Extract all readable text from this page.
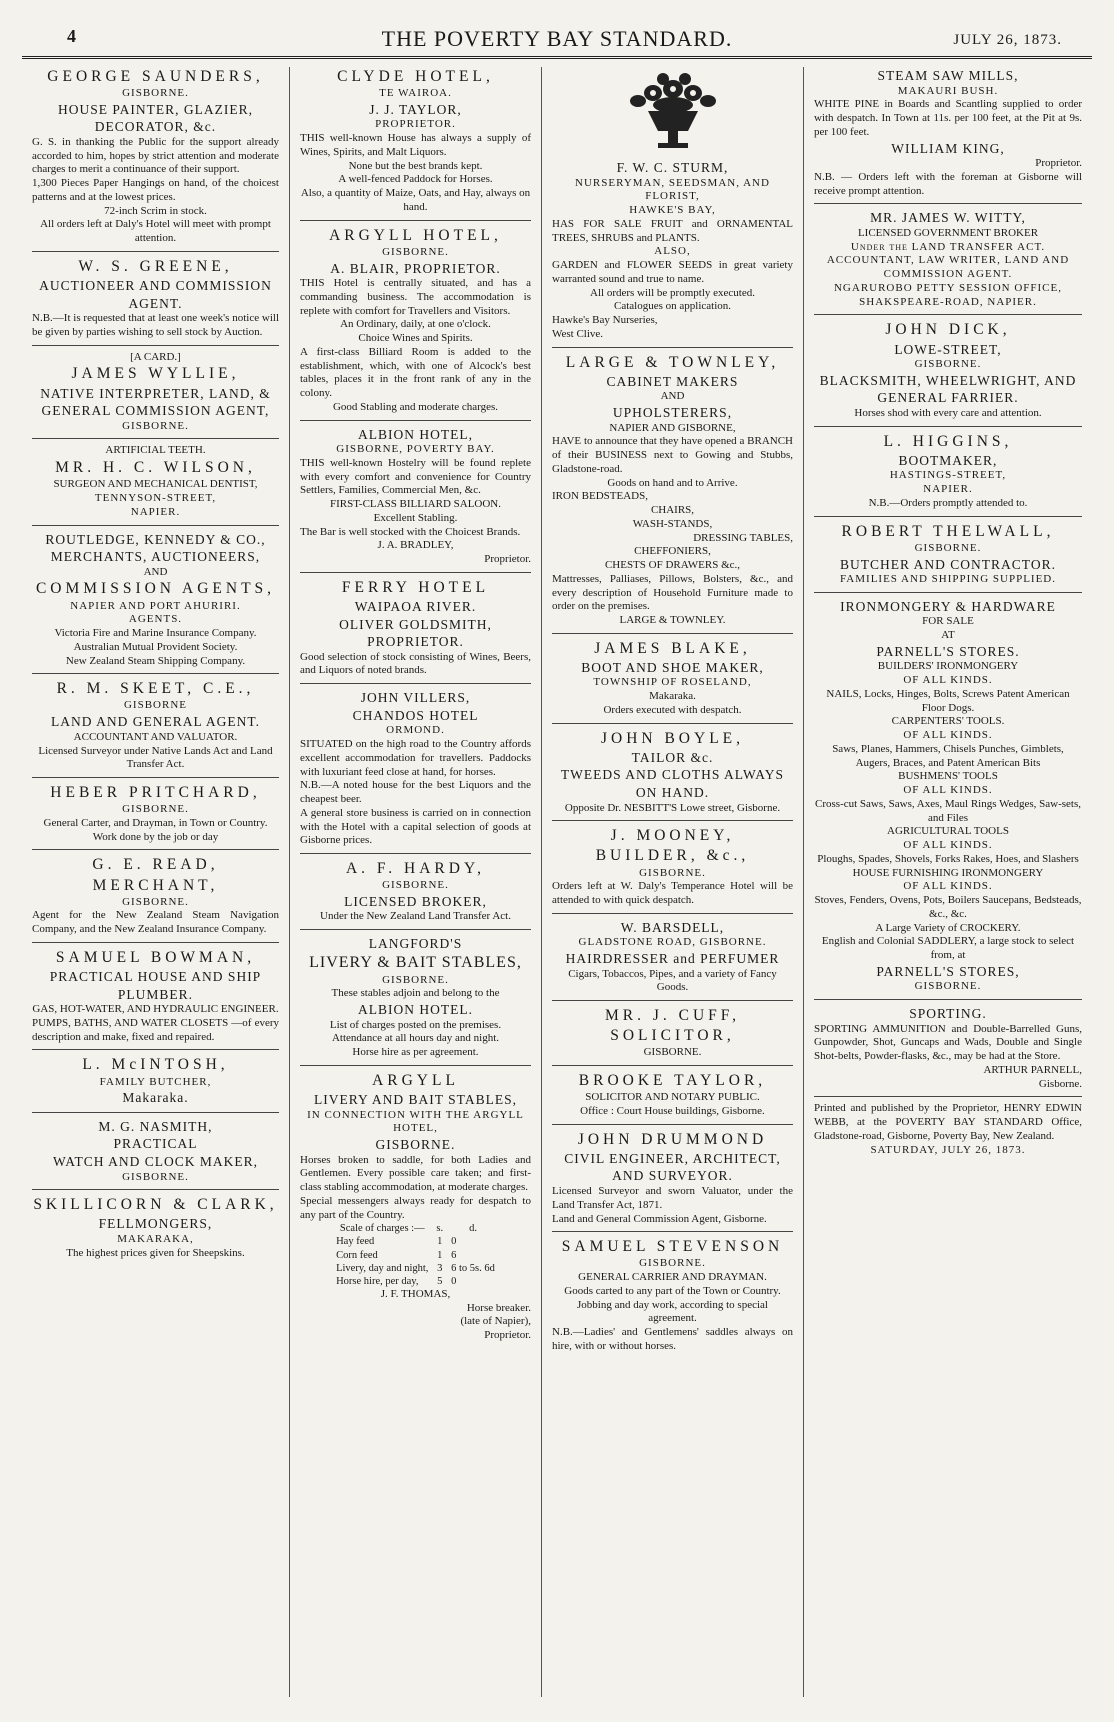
4	THE POVERTY BAY STANDARD.	JULY 26, 1873.
GEORGE SAUNDERS,
GISBORNE.
HOUSE PAINTER, GLAZIER, DECORATOR, &c.
G. S. in thanking the Public for the support already accorded to him, hopes by strict attention and moderate charges to merit a continuance of their support.
1,300 Pieces Paper Hangings on hand, of the choicest patterns and at the lowest prices.
72-inch Scrim in stock.
All orders left at Daly's Hotel will meet with prompt attention.
W. S. GREENE,
AUCTIONEER AND COMMISSION AGENT.
N.B.—It is requested that at least one week's notice will be given by parties wishing to sell stock by Auction.
[A CARD.]
JAMES WYLLIE,
NATIVE INTERPRETER, LAND, & GENERAL COMMISSION AGENT,
GISBORNE.
ARTIFICIAL TEETH.
MR. H. C. WILSON,
SURGEON AND MECHANICAL DENTIST,
TENNYSON-STREET,
NAPIER.
ROUTLEDGE, KENNEDY & CO.,
MERCHANTS, AUCTIONEERS,
AND
COMMISSION AGENTS,
NAPIER AND PORT AHURIRI.
AGENTS.
Victoria Fire and Marine Insurance Company.
Australian Mutual Provident Society.
New Zealand Steam Shipping Company.
R. M. SKEET, C.E.,
GISBORNE
LAND AND GENERAL AGENT.
ACCOUNTANT AND VALUATOR.
Licensed Surveyor under Native Lands Act and Land Transfer Act.
HEBER PRITCHARD,
GISBORNE.
General Carter, and Drayman, in Town or Country.
Work done by the job or day
G. E. READ,
MERCHANT,
GISBORNE.
Agent for the New Zealand Steam Navigation Company, and the New Zealand Insurance Company.
SAMUEL BOWMAN,
PRACTICAL HOUSE AND SHIP PLUMBER.
GAS, HOT-WATER, AND HYDRAULIC ENGINEER.
PUMPS, BATHS, AND WATER CLOSETS —of every description and make, fixed and repaired.
L. McINTOSH,
FAMILY BUTCHER,
Makaraka.
M. G. NASMITH,
PRACTICAL
WATCH AND CLOCK MAKER,
GISBORNE.
SKILLICORN & CLARK,
FELLMONGERS,
MAKARAKA,
The highest prices given for Sheepskins.
CLYDE HOTEL,
TE WAIROA.
J. J. TAYLOR,
PROPRIETOR.
THIS well-known House has always a supply of Wines, Spirits, and Malt Liquors.
None but the best brands kept.
A well-fenced Paddock for Horses.
Also, a quantity of Maize, Oats, and Hay, always on hand.
ARGYLL HOTEL,
GISBORNE.
A. BLAIR, PROPRIETOR.
THIS Hotel is centrally situated, and has a commanding business. The accommodation is replete with comfort for Travellers and Visitors.
An Ordinary, daily, at one o'clock.
Choice Wines and Spirits.
A first-class Billiard Room is added to the establishment, which, with one of Alcock's best tables, places it in the front rank of any in the colony.
Good Stabling and moderate charges.
ALBION HOTEL,
GISBORNE, POVERTY BAY.
THIS well-known Hostelry will be found replete with every comfort and convenience for Country Settlers, Families, Commercial Men, &c.
FIRST-CLASS BILLIARD SALOON.
Excellent Stabling.
The Bar is well stocked with the Choicest Brands.
J. A. BRADLEY,
Proprietor.
FERRY HOTEL
WAIPAOA RIVER.
OLIVER GOLDSMITH, PROPRIETOR.
Good selection of stock consisting of Wines, Beers, and Liquors of noted brands.
JOHN VILLERS,
CHANDOS HOTEL
ORMOND.
SITUATED on the high road to the Country affords excellent accommodation for travellers. Paddocks with luxuriant feed close at hand, for horses.
N.B.—A noted house for the best Liquors and the cheapest beer.
A general store business is carried on in connection with the Hotel with a capital selection of goods at Gisborne prices.
A. F. HARDY,
GISBORNE.
LICENSED BROKER,
Under the New Zealand Land Transfer Act.
LANGFORD'S
LIVERY & BAIT STABLES,
GISBORNE.
These stables adjoin and belong to the
ALBION HOTEL.
List of charges posted on the premises.
Attendance at all hours day and night.
Horse hire as per agreement.
ARGYLL
LIVERY AND BAIT STABLES,
IN CONNECTION WITH THE ARGYLL HOTEL,
GISBORNE.
Horses broken to saddle, for both Ladies and Gentlemen. Every possible care taken; and first-class stabling accommodation, at moderate charges.
Special messengers always ready for despatch to any part of the Country.
Scale of charges :—	s.	d.
Hay feed	1	0
Corn feed	1	6
Livery, day and night,	3	6 to 5s. 6d
Horse hire, per day,	5	0
J. F. THOMAS,
Horse breaker.
(late of Napier),
Proprietor.
F. W. C. STURM,
NURSERYMAN, SEEDSMAN, AND FLORIST,
HAWKE'S BAY,
HAS FOR SALE FRUIT and ORNAMENTAL TREES, SHRUBS and PLANTS.
ALSO,
GARDEN and FLOWER SEEDS in great variety warranted sound and true to name.
All orders will be promptly executed.
Catalogues on application.
Hawke's Bay Nurseries,
West Clive.
LARGE & TOWNLEY,
CABINET MAKERS
AND
UPHOLSTERERS,
NAPIER AND GISBORNE,
HAVE to announce that they have opened a BRANCH of their BUSINESS next to Gowing and Stubbs, Gladstone-road.
Goods on hand and to Arrive.
IRON BEDSTEADS,
CHAIRS,
WASH-STANDS,
DRESSING TABLES,
CHEFFONIERS,
CHESTS OF DRAWERS &c.,
Mattresses, Palliases, Pillows, Bolsters, &c., and every description of Household Furniture made to order on the premises.
LARGE & TOWNLEY.
JAMES BLAKE,
BOOT AND SHOE MAKER,
TOWNSHIP OF ROSELAND,
Makaraka.
Orders executed with despatch.
JOHN BOYLE,
TAILOR &c.
TWEEDS AND CLOTHS ALWAYS ON HAND.
Opposite Dr. NESBITT'S Lowe street, Gisborne.
J. MOONEY,
BUILDER, &c.,
GISBORNE.
Orders left at W. Daly's Temperance Hotel will be attended to with quick despatch.
W. BARSDELL,
GLADSTONE ROAD, GISBORNE.
HAIRDRESSER and PERFUMER
Cigars, Tobaccos, Pipes, and a variety of Fancy Goods.
MR. J. CUFF,
SOLICITOR,
GISBORNE.
BROOKE TAYLOR,
SOLICITOR AND NOTARY PUBLIC.
Office : Court House buildings, Gisborne.
JOHN DRUMMOND
CIVIL ENGINEER, ARCHITECT, AND SURVEYOR.
Licensed Surveyor and sworn Valuator, under the Land Transfer Act, 1871.
Land and General Commission Agent, Gisborne.
SAMUEL STEVENSON
GISBORNE.
GENERAL CARRIER AND DRAYMAN.
Goods carted to any part of the Town or Country.
Jobbing and day work, according to special agreement.
N.B.—Ladies' and Gentlemens' saddles always on hire, with or without horses.
STEAM SAW MILLS,
MAKAURI BUSH.
WHITE PINE in Boards and Scantling supplied to order with despatch. In Town at 11s. per 100 feet, at the Pit at 9s. per 100 feet.
WILLIAM KING,
Proprietor.
N.B. — Orders left with the foreman at Gisborne will receive prompt attention.
MR. JAMES W. WITTY,
LICENSED GOVERNMENT BROKER
Under the LAND TRANSFER ACT.
ACCOUNTANT, LAW WRITER, LAND AND COMMISSION AGENT.
NGARUROBO PETTY SESSION OFFICE,
SHAKSPEARE-ROAD, NAPIER.
JOHN DICK,
LOWE-STREET,
GISBORNE.
BLACKSMITH, WHEELWRIGHT, AND GENERAL FARRIER.
Horses shod with every care and attention.
L. HIGGINS,
BOOTMAKER,
HASTINGS-STREET,
NAPIER.
N.B.—Orders promptly attended to.
ROBERT THELWALL,
GISBORNE.
BUTCHER AND CONTRACTOR.
FAMILIES AND SHIPPING SUPPLIED.
IRONMONGERY & HARDWARE
FOR SALE
AT
PARNELL'S STORES.
BUILDERS' IRONMONGERY
OF ALL KINDS.
NAILS, Locks, Hinges, Bolts, Screws Patent American Floor Dogs.
CARPENTERS' TOOLS.
OF ALL KINDS.
Saws, Planes, Hammers, Chisels Punches, Gimblets, Augers, Braces, and Patent American Bits
BUSHMENS' TOOLS
OF ALL KINDS.
Cross-cut Saws, Saws, Axes, Maul Rings Wedges, Saw-sets, and Files
AGRICULTURAL TOOLS
OF ALL KINDS.
Ploughs, Spades, Shovels, Forks Rakes, Hoes, and Slashers
HOUSE FURNISHING IRONMONGERY
OF ALL KINDS.
Stoves, Fenders, Ovens, Pots, Boilers Saucepans, Bedsteads, &c., &c.
A Large Variety of CROCKERY.
English and Colonial SADDLERY, a large stock to select from, at
PARNELL'S STORES,
GISBORNE.
SPORTING.
SPORTING AMMUNITION and Double-Barrelled Guns, Gunpowder, Shot, Guncaps and Wads, Double and Single Shot-belts, Powder-flasks, &c., may be had at the Store.
ARTHUR PARNELL,
Gisborne.
Printed and published by the Proprietor, HENRY EDWIN WEBB, at the POVERTY BAY STANDARD Office, Gladstone-road, Gisborne, Poverty Bay, New Zealand.
SATURDAY, JULY 26, 1873.
